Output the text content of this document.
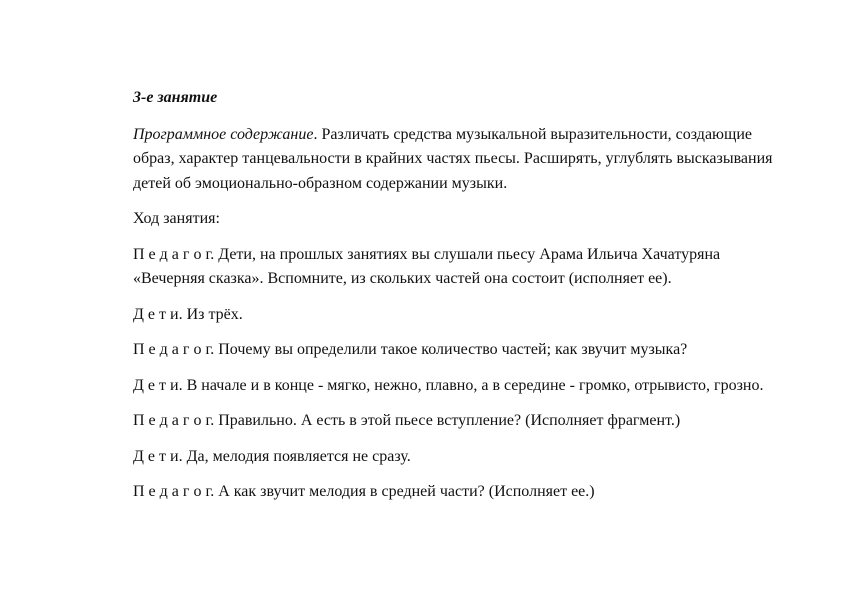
3-е занятие

Программное содержание. Различать средства музыкальной выразительности, создающие образ, характер танцевальности в крайних частях пьесы. Расширять, углублять высказывания детей об эмоционально-образном содержании музыки.

Ход занятия:

П е д а г о г. Дети, на прошлых занятиях вы слушали пьесу Арама Ильича Хачатуряна «Вечерняя сказка». Вспомните, из скольких частей она состоит (исполняет ее).

Д е т и. Из трёх.

П е д а г о г. Почему вы определили такое количество частей; как звучит музыка?

Д е т и. В начале и в конце - мягко, нежно, плавно, а в середине - громко, отрывисто, грозно.

П е д а г о г. Правильно. А есть в этой пьесе вступление? (Исполняет фрагмент.)

Д е т и. Да, мелодия появляется не сразу.

П е д а г о г. А как звучит мелодия в средней части? (Исполняет ее.)
